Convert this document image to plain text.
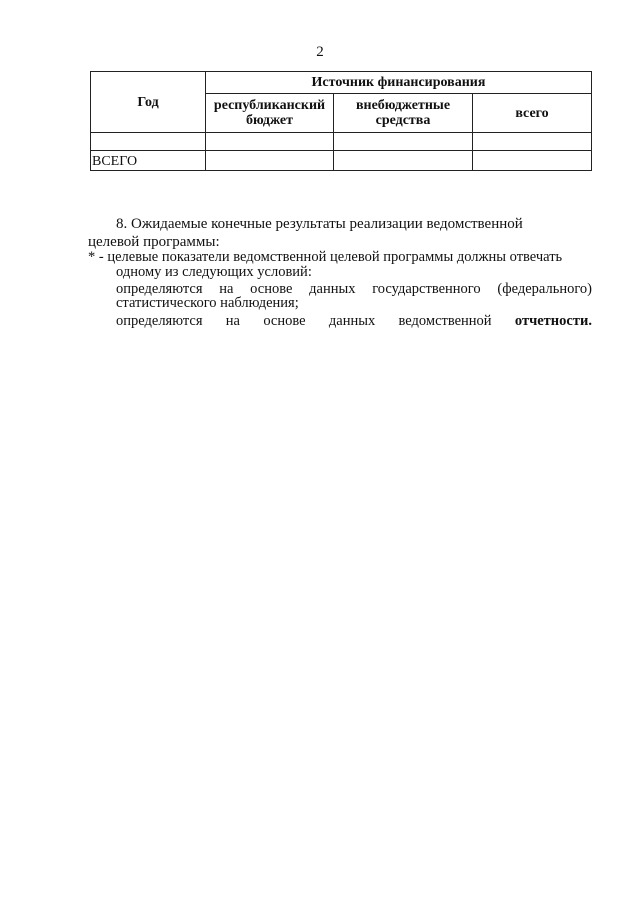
2
Год	Источник финансирования		
	республиканский бюджет	внебюджетные средства	всего

ВСЕГО			
8. Ожидаемые конечные результаты реализации ведомственной
целевой программы:
* - целевые показатели ведомственной целевой программы должны отвечать
одному из следующих условий:
определяются на основе данных государственного (федерального)
статистического наблюдения;
определяются на основе данных ведомственной отчетности.
